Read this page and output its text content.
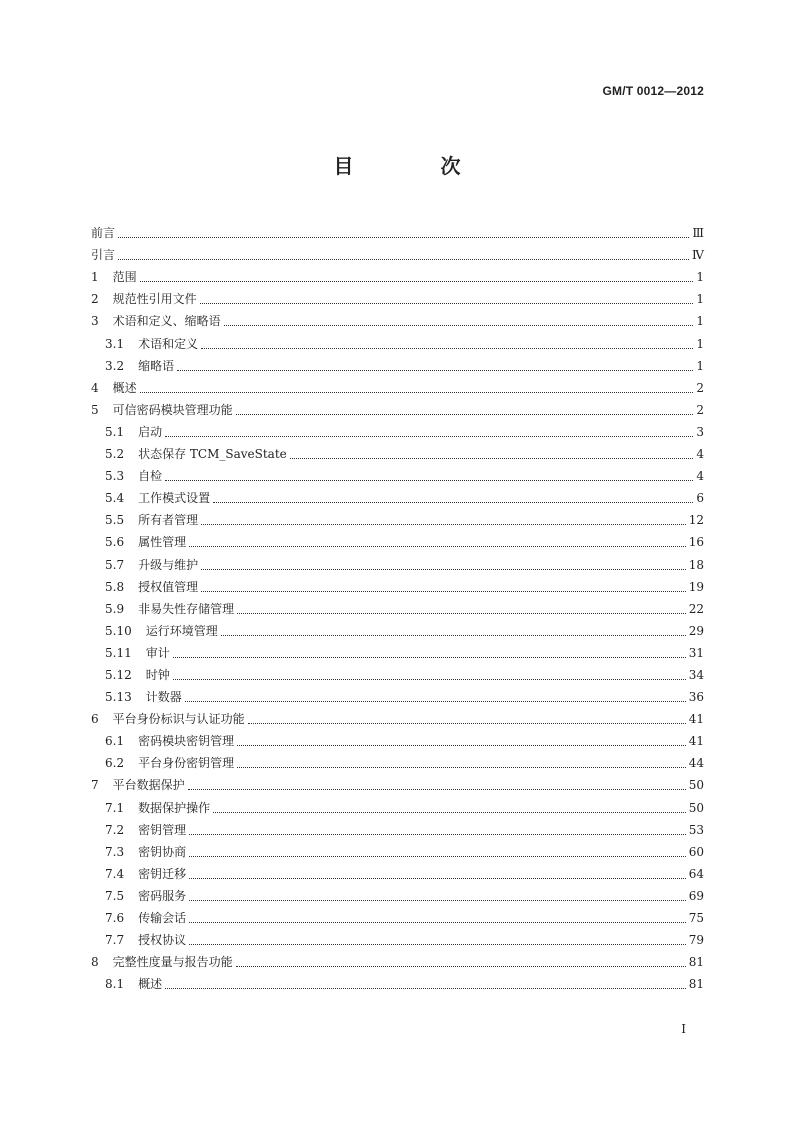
GM/T 0012—2012
目 次
前言	Ⅲ
引言	Ⅳ
1 范围	1
2 规范性引用文件	1
3 术语和定义、缩略语	1
3.1 术语和定义	1
3.2 缩略语	1
4 概述	2
5 可信密码模块管理功能	2
5.1 启动	3
5.2 状态保存 TCM_SaveState	4
5.3 自检	4
5.4 工作模式设置	6
5.5 所有者管理	12
5.6 属性管理	16
5.7 升级与维护	18
5.8 授权值管理	19
5.9 非易失性存储管理	22
5.10 运行环境管理	29
5.11 审计	31
5.12 时钟	34
5.13 计数器	36
6 平台身份标识与认证功能	41
6.1 密码模块密钥管理	41
6.2 平台身份密钥管理	44
7 平台数据保护	50
7.1 数据保护操作	50
7.2 密钥管理	53
7.3 密钥协商	60
7.4 密钥迁移	64
7.5 密码服务	69
7.6 传输会话	75
7.7 授权协议	79
8 完整性度量与报告功能	81
8.1 概述	81
I
